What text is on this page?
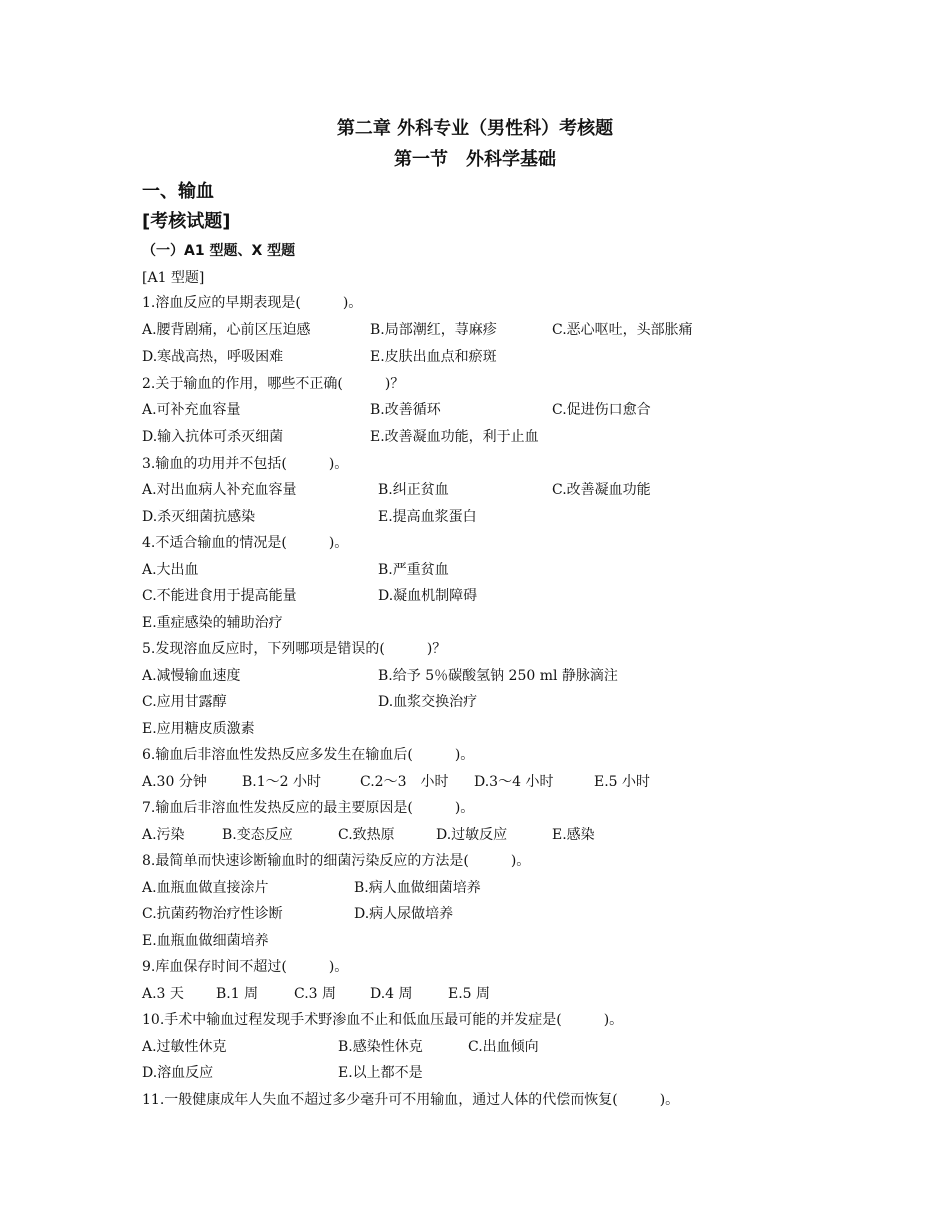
第二章 外科专业（男性科）考核题
第一节　外科学基础
一、输血
[考核试题]
（一）A1 型题、X 型题
[A1 型题]
1.溶血反应的早期表现是(　　　)。
A.腰背剧痛，心前区压迫感	B.局部潮红，荨麻疹	C.恶心呕吐，头部胀痛
D.寒战高热，呼吸困难	E.皮肤出血点和瘀斑
2.关于输血的作用，哪些不正确(　　　)？
A.可补充血容量	B.改善循环	C.促进伤口愈合
D.输入抗体可杀灭细菌	E.改善凝血功能，利于止血
3.输血的功用并不包括(　　　)。
A.对出血病人补充血容量	B.纠正贫血	C.改善凝血功能
D.杀灭细菌抗感染	E.提高血浆蛋白
4.不适合输血的情况是(　　　)。
A.大出血	B.严重贫血
C.不能进食用于提高能量	D.凝血机制障碍
E.重症感染的辅助治疗
5.发现溶血反应时，下列哪项是错误的(　　　)？
A.减慢输血速度	B.给予 5％碳酸氢钠 250 ml 静脉滴注
C.应用甘露醇	D.血浆交换治疗
E.应用糖皮质激素
6.输血后非溶血性发热反应多发生在输血后(　　　)。
A.30 分钟	B.1～2 小时	C.2～3　小时 D.3～4 小时	E.5 小时
7.输血后非溶血性发热反应的最主要原因是(　　　)。
A.污染	B.变态反应	C.致热原	D.过敏反应	E.感染
8.最简单而快速诊断输血时的细菌污染反应的方法是(　　　)。
A.血瓶血做直接涂片	B.病人血做细菌培养
C.抗菌药物治疗性诊断	D.病人尿做培养
E.血瓶血做细菌培养
9.库血保存时间不超过(　　　)。
A.3 天 B.1 周	C.3 周 D.4 周	E.5 周
10.手术中输血过程发现手术野渗血不止和低血压最可能的并发症是(　　　)。
A.过敏性休克	B.感染性休克	C.出血倾向
D.溶血反应	E.以上都不是
11.一般健康成年人失血不超过多少毫升可不用输血，通过人体的代偿而恢复(　　　)。
